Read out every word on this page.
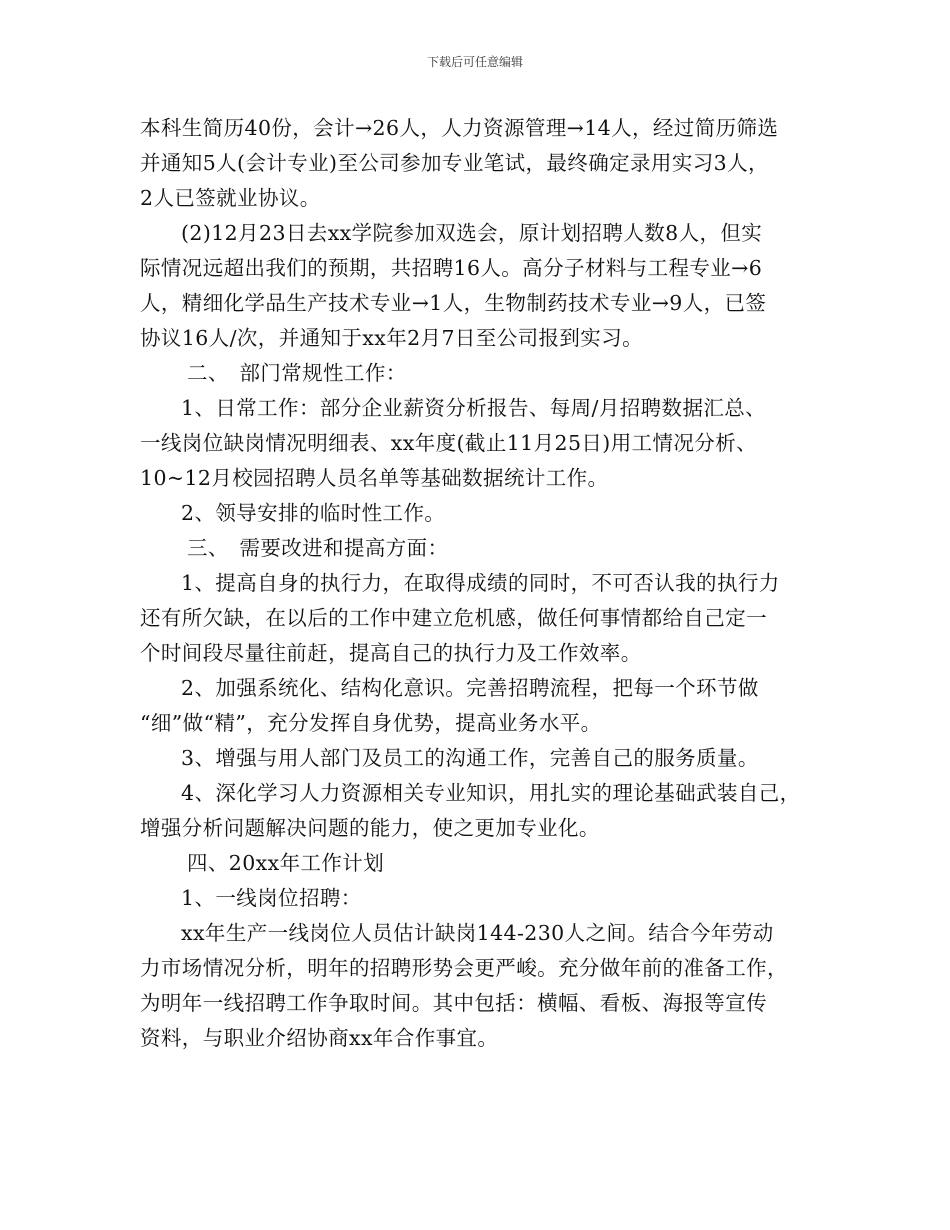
下载后可任意编辑
本科生简历40份，会计→26人，人力资源管理→14人，经过简历筛选
并通知5人(会计专业)至公司参加专业笔试，最终确定录用实习3人，
2人已签就业协议。
(2)12月23日去xx学院参加双选会，原计划招聘人数8人，但实
际情况远超出我们的预期，共招聘16人。高分子材料与工程专业→6
人，精细化学品生产技术专业→1人，生物制药技术专业→9人，已签
协议16人/次，并通知于xx年2月7日至公司报到实习。
二、　部门常规性工作：
1、日常工作：部分企业薪资分析报告、每周/月招聘数据汇总、
一线岗位缺岗情况明细表、xx年度(截止11月25日)用工情况分析、
10~12月校园招聘人员名单等基础数据统计工作。
2、领导安排的临时性工作。
三、　需要改进和提高方面：
1、提高自身的执行力，在取得成绩的同时，不可否认我的执行力
还有所欠缺，在以后的工作中建立危机感，做任何事情都给自己定一
个时间段尽量往前赶，提高自己的执行力及工作效率。
2、加强系统化、结构化意识。完善招聘流程，把每一个环节做
“细”做“精”，充分发挥自身优势，提高业务水平。
3、增强与用人部门及员工的沟通工作，完善自己的服务质量。
4、深化学习人力资源相关专业知识，用扎实的理论基础武装自己，
增强分析问题解决问题的能力，使之更加专业化。
四、20xx年工作计划
1、一线岗位招聘：
xx年生产一线岗位人员估计缺岗144-230人之间。结合今年劳动
力市场情况分析，明年的招聘形势会更严峻。充分做年前的准备工作，
为明年一线招聘工作争取时间。其中包括：横幅、看板、海报等宣传
资料，与职业介绍协商xx年合作事宜。
